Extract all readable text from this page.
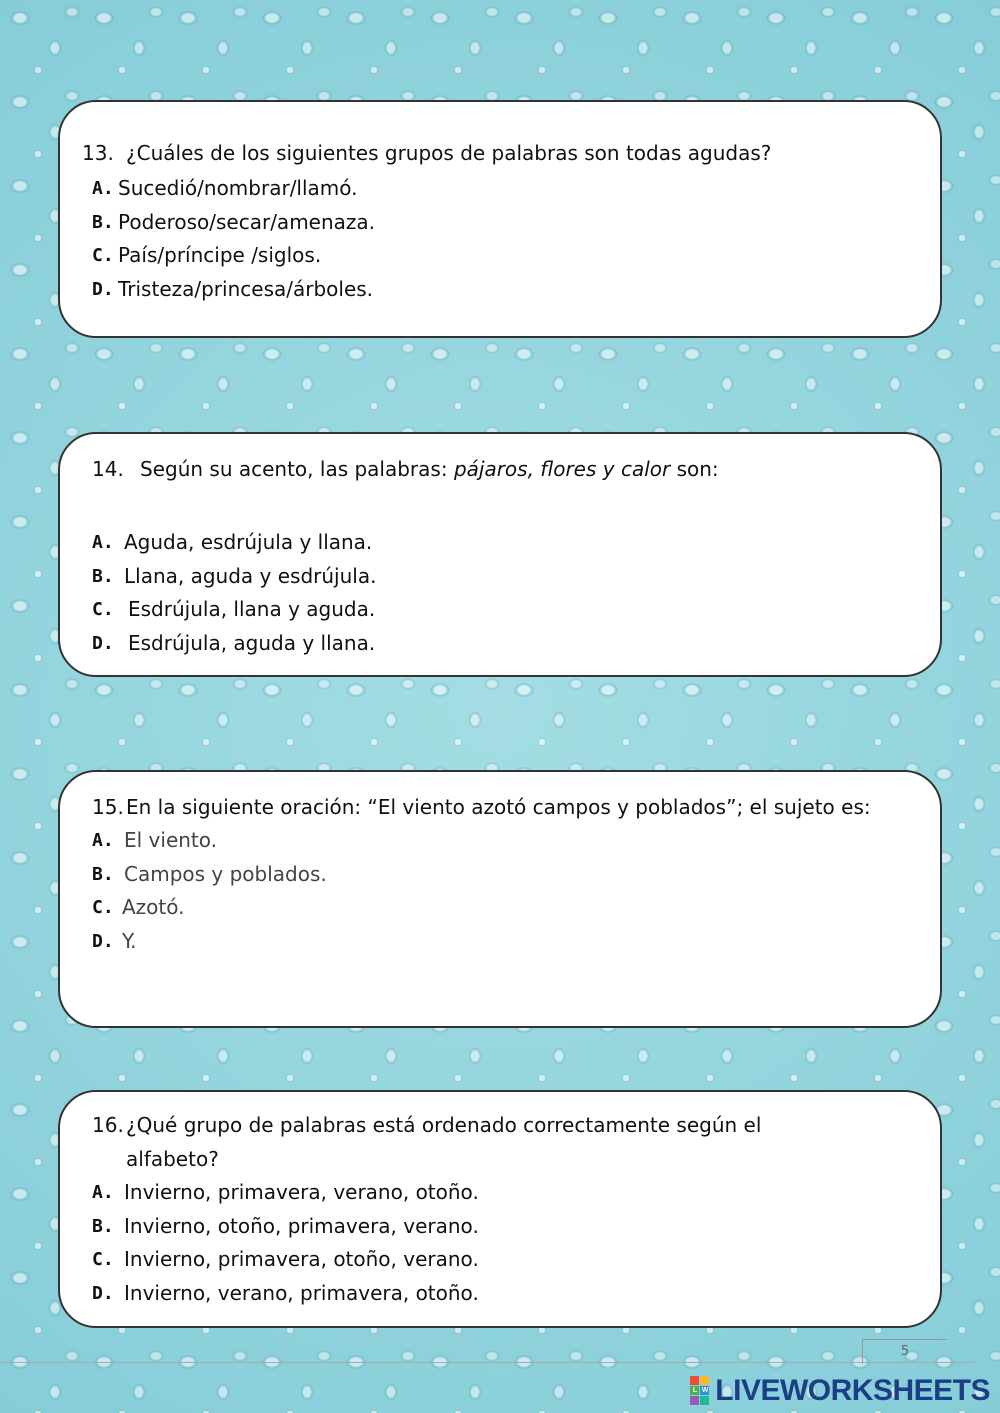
13. ¿Cuáles de los siguientes grupos de palabras son todas agudas?

A. Sucedió/nombrar/llamó.
B. Poderoso/secar/amenaza.
C. País/príncipe /siglos.
D. Tristeza/princesa/árboles.

14. Según su acento, las palabras: pájaros, flores y calor son:

A. Aguda, esdrújula y llana.
B. Llana, aguda y esdrújula.
C. Esdrújula, llana y aguda.
D. Esdrújula, aguda y llana.

15. En la siguiente oración: “El viento azotó campos y poblados”; el sujeto es:

A. El viento.
B. Campos y poblados.
C. Azotó.
D. Y.

16. ¿Qué grupo de palabras está ordenado correctamente según el alfabeto?

A. Invierno, primavera, verano, otoño.
B. Invierno, otoño, primavera, verano.
C. Invierno, primavera, otoño, verano.
D. Invierno, verano, primavera, otoño.
5
L W LIVEWORKSHEETS
